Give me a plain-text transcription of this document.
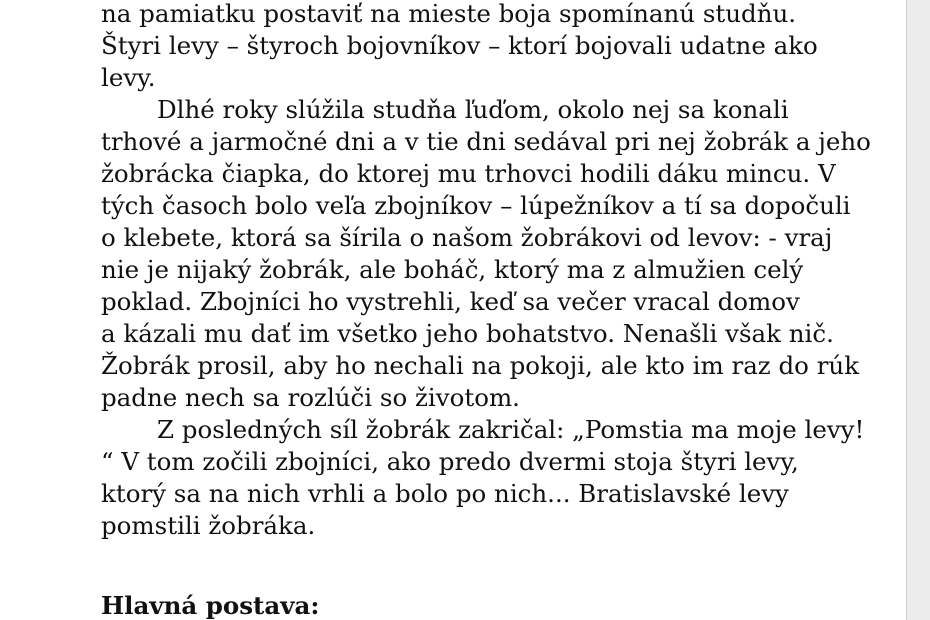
na pamiatku postaviť na mieste boja spomínanú studňu.
Štyri levy – štyroch bojovníkov – ktorí bojovali udatne ako
levy.
Dlhé roky slúžila studňa ľuďom, okolo nej sa konali
trhové a jarmočné dni a v tie dni sedával pri nej žobrák a jeho
žobrácka čiapka, do ktorej mu trhovci hodili dáku mincu. V
tých časoch bolo veľa zbojníkov – lúpežníkov a tí sa dopočuli
o klebete, ktorá sa šírila o našom žobrákovi od levov: - vraj
nie je nijaký žobrák, ale boháč, ktorý ma z almužien celý
poklad. Zbojníci ho vystrehli, keď sa večer vracal domov
a kázali mu dať im všetko jeho bohatstvo. Nenašli však nič.
Žobrák prosil, aby ho nechali na pokoji, ale kto im raz do rúk
padne nech sa rozlúči so životom.
Z posledných síl žobrák zakričal: „Pomstia ma moje levy!
“ V tom zočili zbojníci, ako predo dvermi stoja štyri levy,
ktorý sa na nich vrhli a bolo po nich... Bratislavské levy
pomstili žobráka.
Hlavná postava:
